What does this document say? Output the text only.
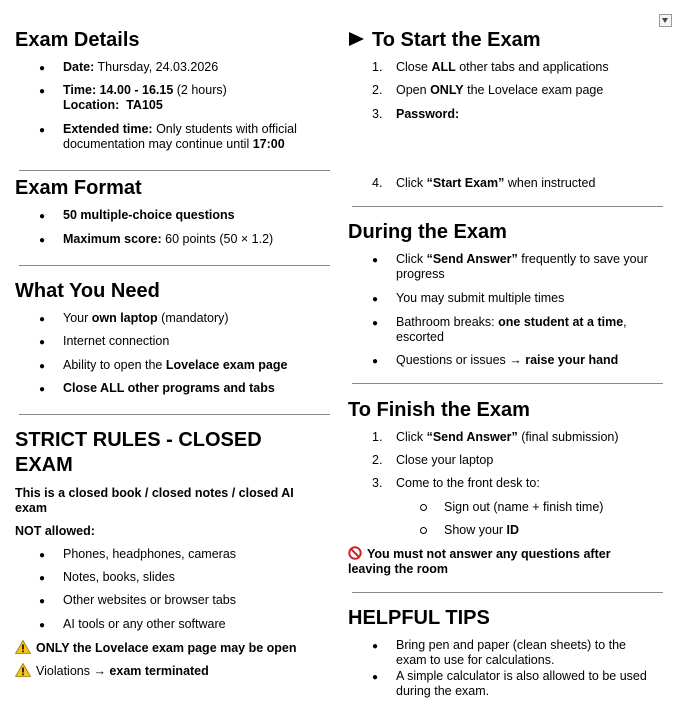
Exam Details
● Date: Thursday, 24.03.2026
● Time: 14.00 - 16.15 (2 hours)
Location: TA105
● Extended time: Only students with official
documentation may continue until 17:00
Exam Format
● 50 multiple-choice questions
● Maximum score: 60 points (50 × 1.2)
What You Need
● Your own laptop (mandatory)
● Internet connection
● Ability to open the Lovelace exam page
● Close ALL other programs and tabs
STRICT RULES - CLOSED
EXAM
This is a closed book / closed notes / closed AI
exam
NOT allowed:
● Phones, headphones, cameras
● Notes, books, slides
● Other websites or browser tabs
● AI tools or any other software
ONLY the Lovelace exam page may be open
Violations → exam terminated
To Start the Exam
1. Close ALL other tabs and applications
2. Open ONLY the Lovelace exam page
3. Password:
4. Click “Start Exam” when instructed
During the Exam
● Click “Send Answer” frequently to save your
progress
● You may submit multiple times
● Bathroom breaks: one student at a time,
escorted
● Questions or issues → raise your hand
To Finish the Exam
1. Click “Send Answer” (final submission)
2. Close your laptop
3. Come to the front desk to:
Sign out (name + finish time)
Show your ID
You must not answer any questions after
leaving the room
HELPFUL TIPS
● Bring pen and paper (clean sheets) to the
exam to use for calculations.
● A simple calculator is also allowed to be used
during the exam.
